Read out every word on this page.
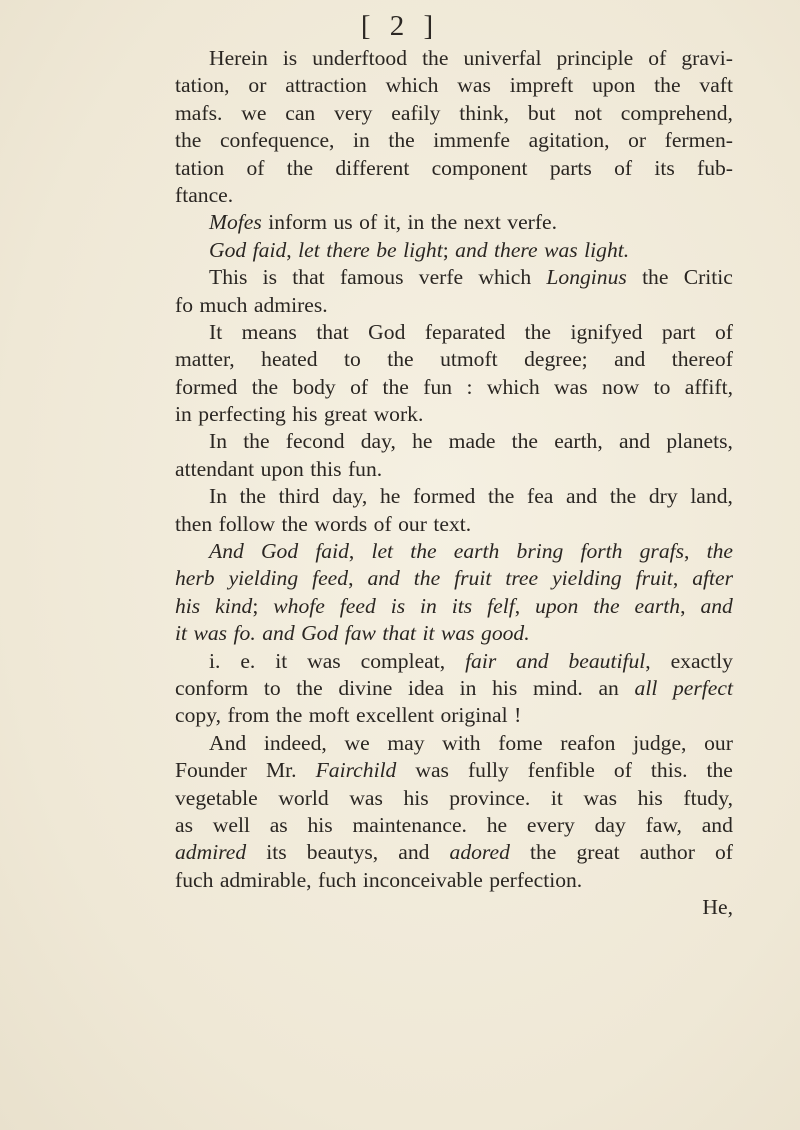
[ 2 ]
Herein is underftood the univerfal principle of gravi-
tation, or attraction which was impreft upon the vaft
mafs. we can very eafily think, but not comprehend,
the confequence, in the immenfe agitation, or fermen-
tation of the different component parts of its fub-
ftance.
Mofes inform us of it, in the next verfe.
God faid, let there be light; and there was light.
This is that famous verfe which Longinus the Critic
fo much admires.
It means that God feparated the ignifyed part of
matter, heated to the utmoft degree; and thereof
formed the body of the fun : which was now to affift,
in perfecting his great work.
In the fecond day, he made the earth, and planets,
attendant upon this fun.
In the third day, he formed the fea and the dry land,
then follow the words of our text.
And God faid, let the earth bring forth grafs, the
herb yielding feed, and the fruit tree yielding fruit, after
his kind; whofe feed is in its felf, upon the earth, and
it was fo. and God faw that it was good.
i. e. it was compleat, fair and beautiful, exactly
conform to the divine idea in his mind. an all perfect
copy, from the moft excellent original !
And indeed, we may with fome reafon judge, our
Founder Mr. Fairchild was fully fenfible of this. the
vegetable world was his province. it was his ftudy,
as well as his maintenance. he every day faw, and
admired its beautys, and adored the great author of
fuch admirable, fuch inconceivable perfection.
He,
